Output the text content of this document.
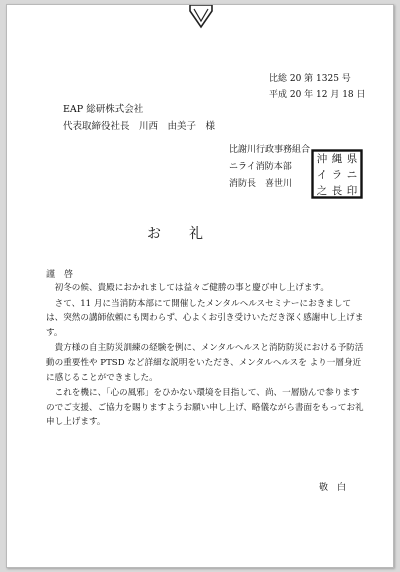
比総 20 第 1325 号
平成 20 年 12 月 18 日
EAP 総研株式会社
代表取締役社長　川西　由美子　様
比謝川行政事務組合
ニライ消防本部
消防長　喜世川　
県
ニ
縄
ラ
長
沖
イ
之 印
お礼
謹　啓

初冬の候、貴殿におかれましては益々ご健勝の事と慶び申し上げます。

さて、11 月に当消防本部にて開催したメンタルヘルスセミナーにおきましては、突然の講師依頼にも関わらず、心よくお引き受けいただき深く感謝申し上げます。

貴方様の自主防災訓練の経験を例に、メンタルヘルスと消防防災における予防活動の重要性や PTSD など詳細な説明をいただき、メンタルヘルスを より一層身近に感じることができました。

これを機に、「心の風邪」をひかない環境を目指して、尚、一層励んで参りますのでご支援、ご協力を賜りますようお願い申し上げ、略儀ながら書面をもってお礼申し上げます。

敬　白
